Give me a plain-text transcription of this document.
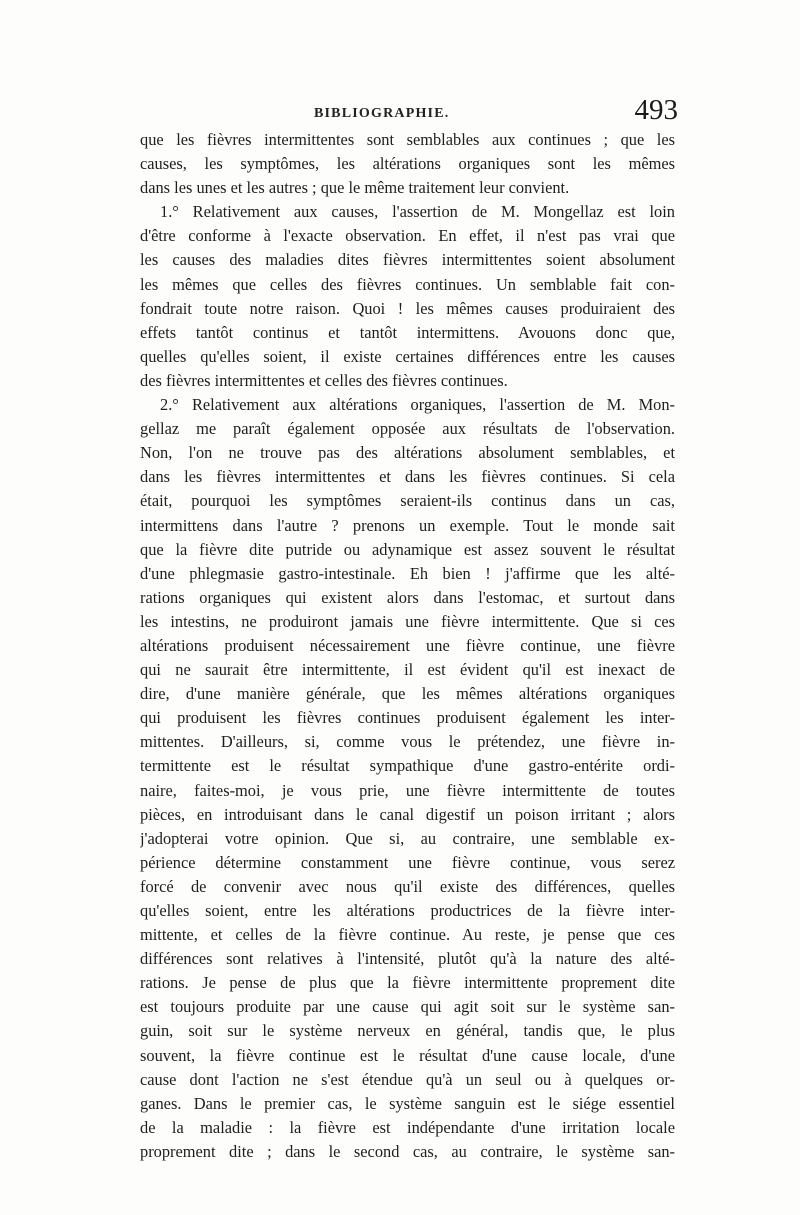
BIBLIOGRAPHIE.	493
que les fièvres intermittentes sont semblables aux continues ; que les
causes, les symptômes, les altérations organiques sont les mêmes
dans les unes et les autres ; que le même traitement leur convient.
1.° Relativement aux causes, l'assertion de M. Mongellaz est loin
d'être conforme à l'exacte observation. En effet, il n'est pas vrai que
les causes des maladies dites fièvres intermittentes soient absolument
les mêmes que celles des fièvres continues. Un semblable fait con-
fondrait toute notre raison. Quoi ! les mêmes causes produiraient des
effets tantôt continus et tantôt intermittens. Avouons donc que,
quelles qu'elles soient, il existe certaines différences entre les causes
des fièvres intermittentes et celles des fièvres continues.
2.° Relativement aux altérations organiques, l'assertion de M. Mon-
gellaz me paraît également opposée aux résultats de l'observation.
Non, l'on ne trouve pas des altérations absolument semblables, et
dans les fièvres intermittentes et dans les fièvres continues. Si cela
était, pourquoi les symptômes seraient-ils continus dans un cas,
intermittens dans l'autre ? prenons un exemple. Tout le monde sait
que la fièvre dite putride ou adynamique est assez souvent le résultat
d'une phlegmasie gastro-intestinale. Eh bien ! j'affirme que les alté-
rations organiques qui existent alors dans l'estomac, et surtout dans
les intestins, ne produiront jamais une fièvre intermittente. Que si ces
altérations produisent nécessairement une fièvre continue, une fièvre
qui ne saurait être intermittente, il est évident qu'il est inexact de
dire, d'une manière générale, que les mêmes altérations organiques
qui produisent les fièvres continues produisent également les inter-
mittentes. D'ailleurs, si, comme vous le prétendez, une fièvre in-
termittente est le résultat sympathique d'une gastro-entérite ordi-
naire, faites-moi, je vous prie, une fièvre intermittente de toutes
pièces, en introduisant dans le canal digestif un poison irritant ; alors
j'adopterai votre opinion. Que si, au contraire, une semblable ex-
périence détermine constamment une fièvre continue, vous serez
forcé de convenir avec nous qu'il existe des différences, quelles
qu'elles soient, entre les altérations productrices de la fièvre inter-
mittente, et celles de la fièvre continue. Au reste, je pense que ces
différences sont relatives à l'intensité, plutôt qu'à la nature des alté-
rations. Je pense de plus que la fièvre intermittente proprement dite
est toujours produite par une cause qui agit soit sur le système san-
guin, soit sur le système nerveux en général, tandis que, le plus
souvent, la fièvre continue est le résultat d'une cause locale, d'une
cause dont l'action ne s'est étendue qu'à un seul ou à quelques or-
ganes. Dans le premier cas, le système sanguin est le siége essentiel
de la maladie : la fièvre est indépendante d'une irritation locale
proprement dite ; dans le second cas, au contraire, le système san-
